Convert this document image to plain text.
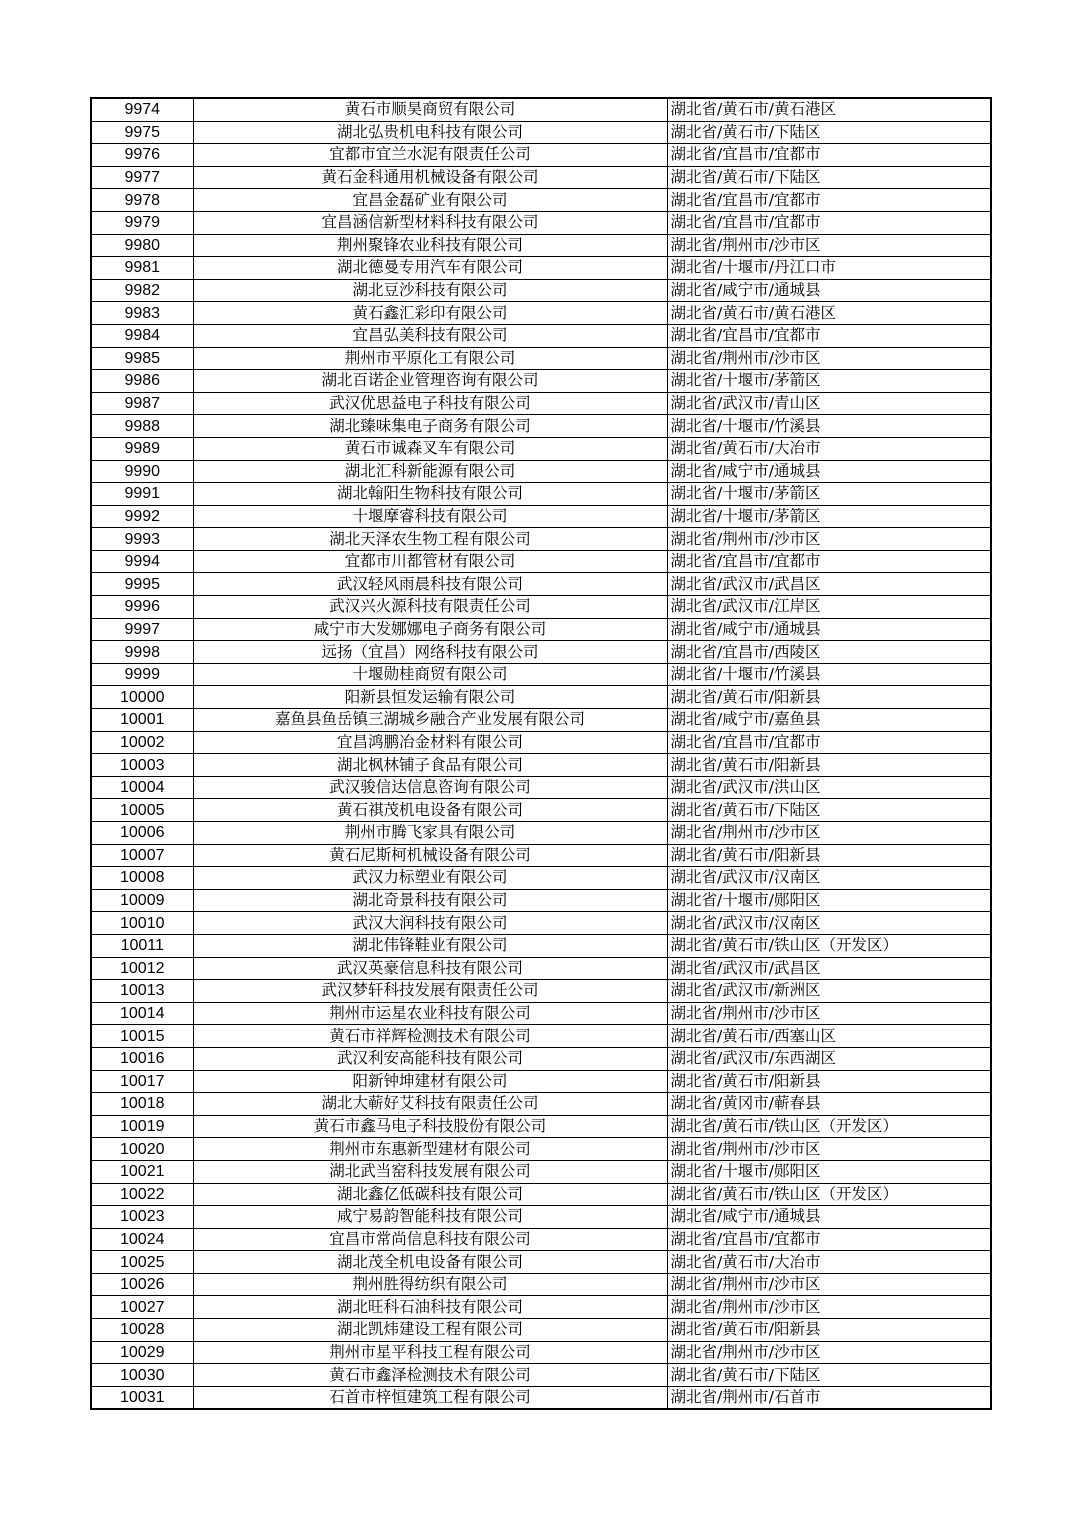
9974	黄石市顺昊商贸有限公司	湖北省/黄石市/黄石港区
9975	湖北弘贵机电科技有限公司	湖北省/黄石市/下陆区
9976	宜都市宜兰水泥有限责任公司	湖北省/宜昌市/宜都市
9977	黄石金科通用机械设备有限公司	湖北省/黄石市/下陆区
9978	宜昌金磊矿业有限公司	湖北省/宜昌市/宜都市
9979	宜昌涵信新型材料科技有限公司	湖北省/宜昌市/宜都市
9980	荆州聚锋农业科技有限公司	湖北省/荆州市/沙市区
9981	湖北德曼专用汽车有限公司	湖北省/十堰市/丹江口市
9982	湖北豆沙科技有限公司	湖北省/咸宁市/通城县
9983	黄石鑫汇彩印有限公司	湖北省/黄石市/黄石港区
9984	宜昌弘美科技有限公司	湖北省/宜昌市/宜都市
9985	荆州市平原化工有限公司	湖北省/荆州市/沙市区
9986	湖北百诺企业管理咨询有限公司	湖北省/十堰市/茅箭区
9987	武汉优思益电子科技有限公司	湖北省/武汉市/青山区
9988	湖北臻味集电子商务有限公司	湖北省/十堰市/竹溪县
9989	黄石市诚森叉车有限公司	湖北省/黄石市/大冶市
9990	湖北汇科新能源有限公司	湖北省/咸宁市/通城县
9991	湖北翰阳生物科技有限公司	湖北省/十堰市/茅箭区
9992	十堰摩睿科技有限公司	湖北省/十堰市/茅箭区
9993	湖北天泽农生物工程有限公司	湖北省/荆州市/沙市区
9994	宜都市川都管材有限公司	湖北省/宜昌市/宜都市
9995	武汉轻风雨晨科技有限公司	湖北省/武汉市/武昌区
9996	武汉兴火源科技有限责任公司	湖北省/武汉市/江岸区
9997	咸宁市大发娜娜电子商务有限公司	湖北省/咸宁市/通城县
9998	远扬（宜昌）网络科技有限公司	湖北省/宜昌市/西陵区
9999	十堰勋桂商贸有限公司	湖北省/十堰市/竹溪县
10000	阳新县恒发运输有限公司	湖北省/黄石市/阳新县
10001	嘉鱼县鱼岳镇三湖城乡融合产业发展有限公司	湖北省/咸宁市/嘉鱼县
10002	宜昌鸿鹏冶金材料有限公司	湖北省/宜昌市/宜都市
10003	湖北枫林铺子食品有限公司	湖北省/黄石市/阳新县
10004	武汉骏信达信息咨询有限公司	湖北省/武汉市/洪山区
10005	黄石祺茂机电设备有限公司	湖北省/黄石市/下陆区
10006	荆州市腾飞家具有限公司	湖北省/荆州市/沙市区
10007	黄石尼斯柯机械设备有限公司	湖北省/黄石市/阳新县
10008	武汉力标塑业有限公司	湖北省/武汉市/汉南区
10009	湖北奇景科技有限公司	湖北省/十堰市/郧阳区
10010	武汉大润科技有限公司	湖北省/武汉市/汉南区
10011	湖北伟锋鞋业有限公司	湖北省/黄石市/铁山区（开发区）
10012	武汉英豪信息科技有限公司	湖北省/武汉市/武昌区
10013	武汉梦轩科技发展有限责任公司	湖北省/武汉市/新洲区
10014	荆州市运星农业科技有限公司	湖北省/荆州市/沙市区
10015	黄石市祥辉检测技术有限公司	湖北省/黄石市/西塞山区
10016	武汉利安高能科技有限公司	湖北省/武汉市/东西湖区
10017	阳新钟坤建材有限公司	湖北省/黄石市/阳新县
10018	湖北大蕲好艾科技有限责任公司	湖北省/黄冈市/蕲春县
10019	黄石市鑫马电子科技股份有限公司	湖北省/黄石市/铁山区（开发区）
10020	荆州市东惠新型建材有限公司	湖北省/荆州市/沙市区
10021	湖北武当窑科技发展有限公司	湖北省/十堰市/郧阳区
10022	湖北鑫亿低碳科技有限公司	湖北省/黄石市/铁山区（开发区）
10023	咸宁易韵智能科技有限公司	湖北省/咸宁市/通城县
10024	宜昌市常尚信息科技有限公司	湖北省/宜昌市/宜都市
10025	湖北茂全机电设备有限公司	湖北省/黄石市/大冶市
10026	荆州胜得纺织有限公司	湖北省/荆州市/沙市区
10027	湖北旺科石油科技有限公司	湖北省/荆州市/沙市区
10028	湖北凯炜建设工程有限公司	湖北省/黄石市/阳新县
10029	荆州市星平科技工程有限公司	湖北省/荆州市/沙市区
10030	黄石市鑫泽检测技术有限公司	湖北省/黄石市/下陆区
10031	石首市梓恒建筑工程有限公司	湖北省/荆州市/石首市
